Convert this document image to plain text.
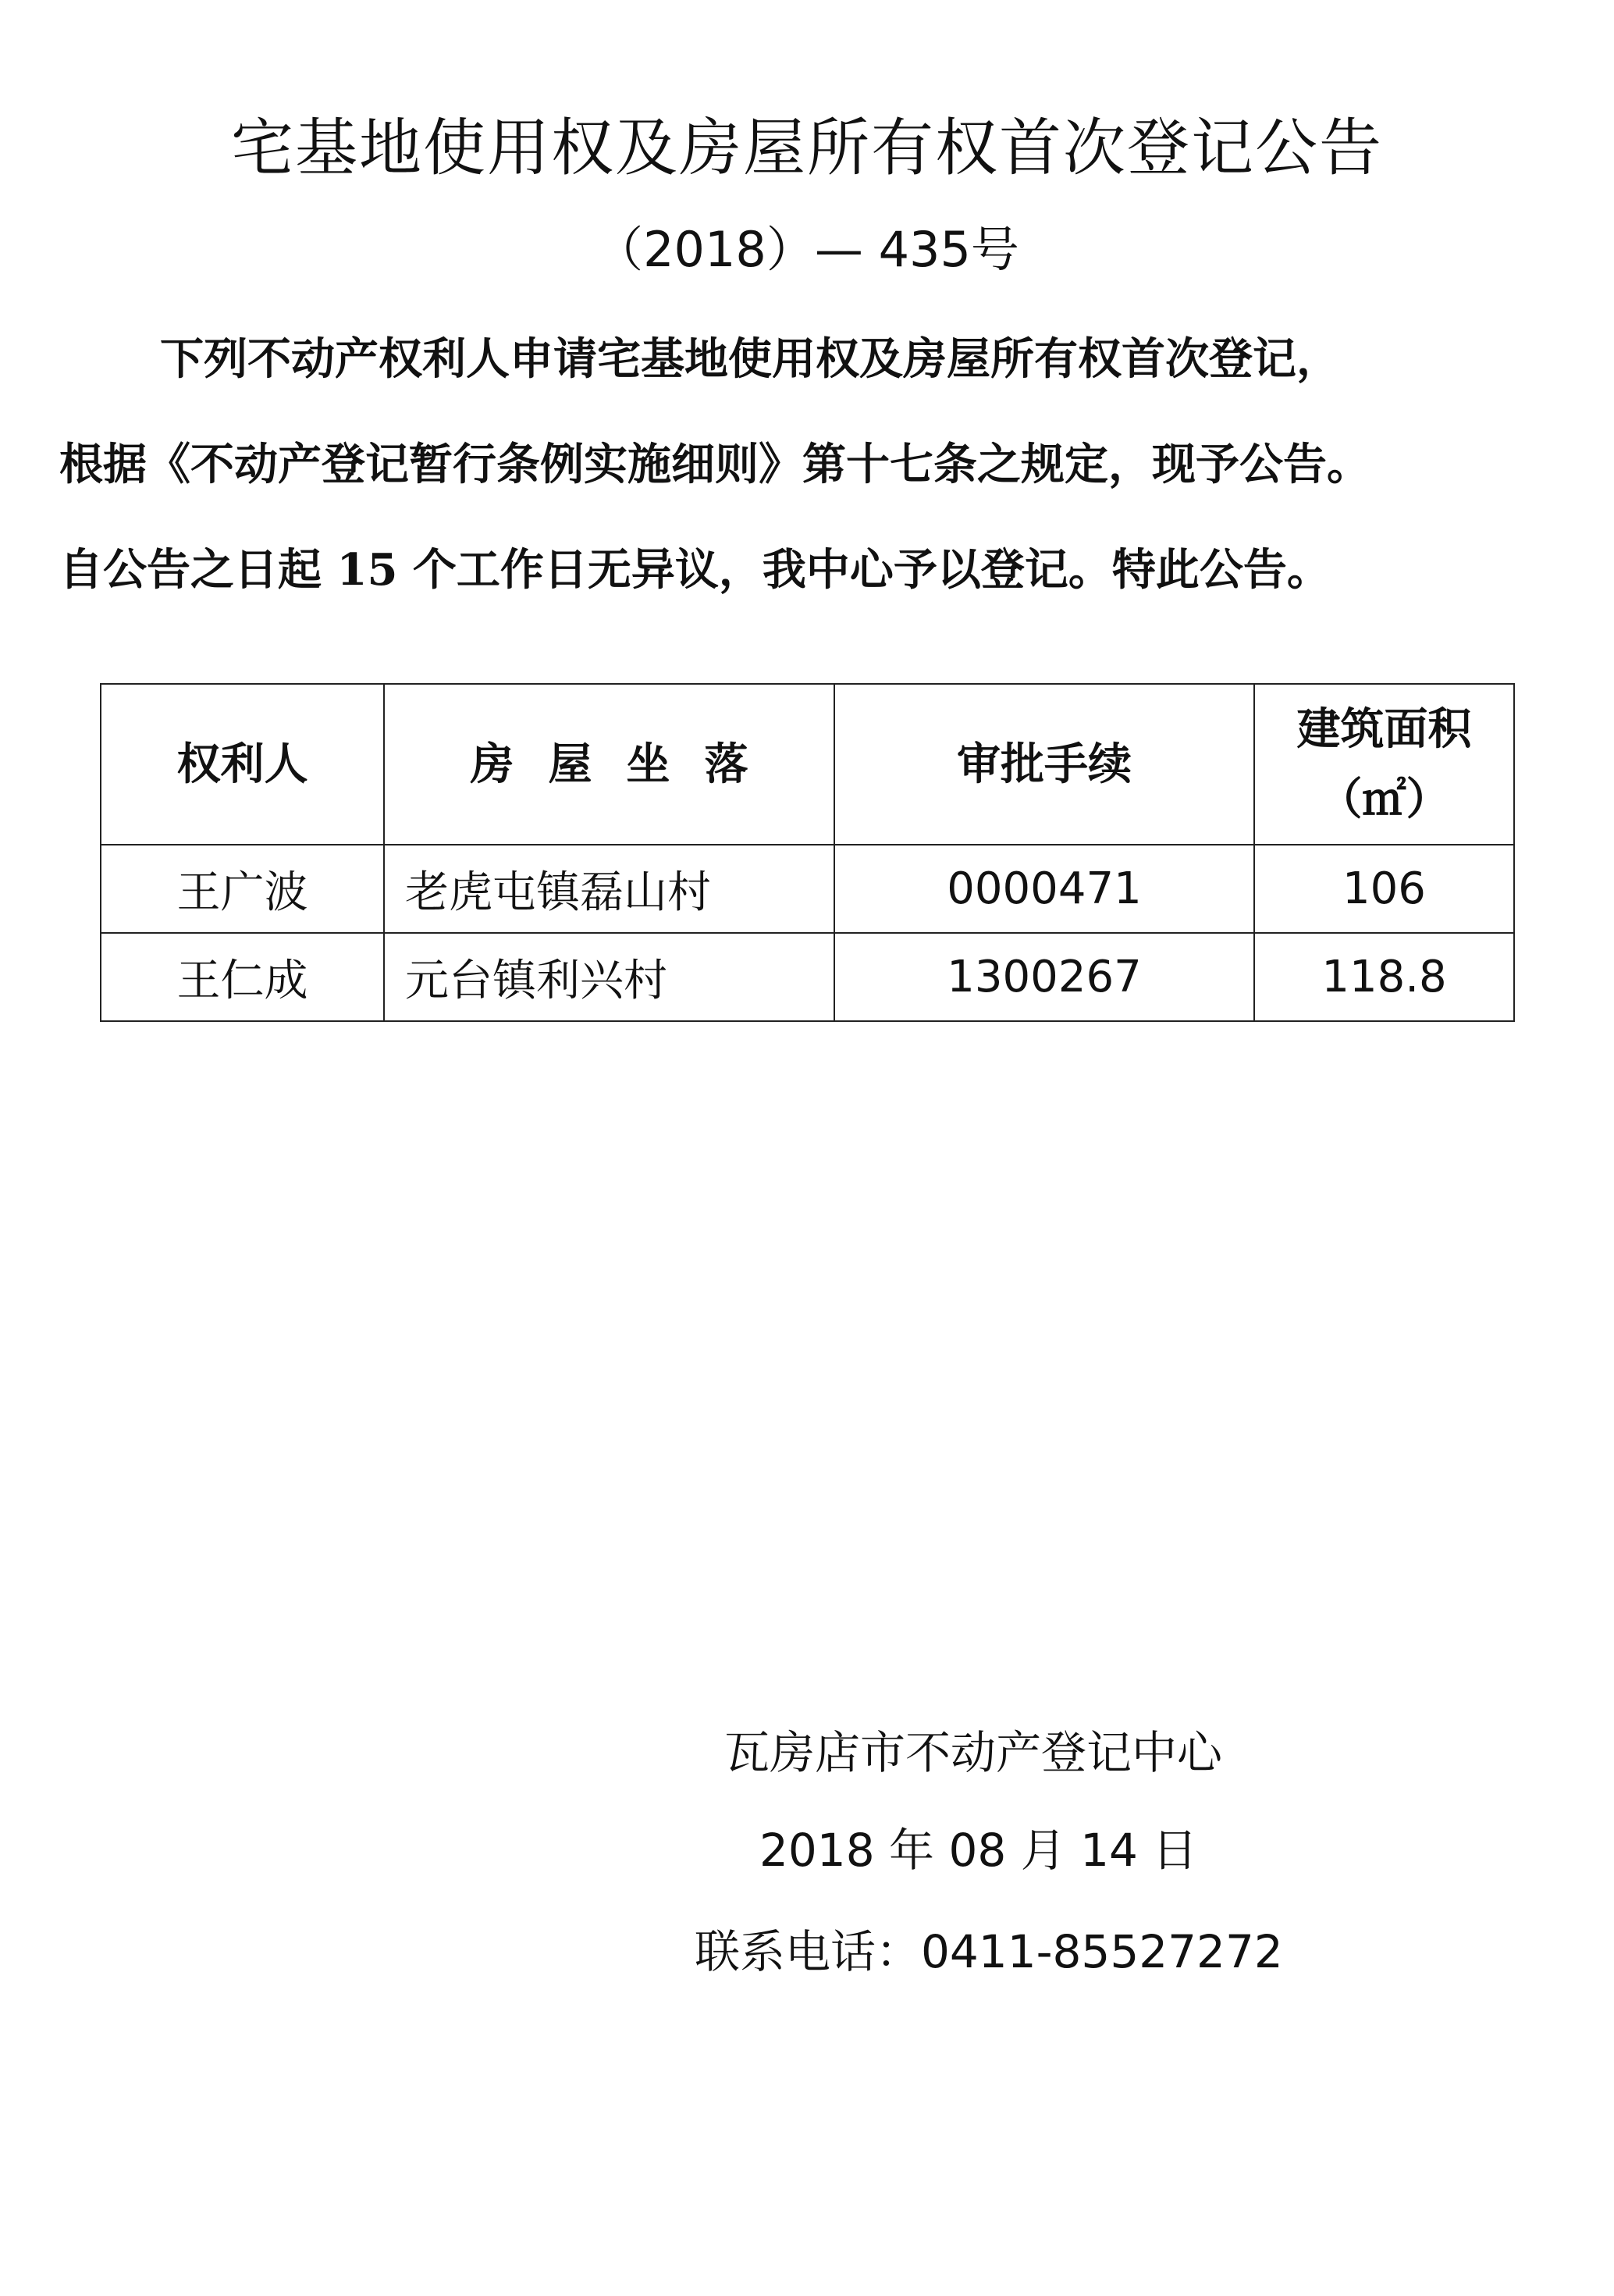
宅基地使用权及房屋所有权首次登记公告
（2018）— 435号
下列不动产权利人申请宅基地使用权及房屋所有权首次登记，
根据《不动产登记暂行条例实施细则》第十七条之规定，现予公告。
自公告之日起 15 个工作日无异议，我中心予以登记。特此公告。
权利人	房屋坐落	审批手续	建筑面积
（㎡）

王广波	老虎屯镇磊山村	0000471	106
王仁成	元台镇利兴村	1300267	118.8
瓦房店市不动产登记中心
2018 年 08 月 14 日
联系电话：0411-85527272
